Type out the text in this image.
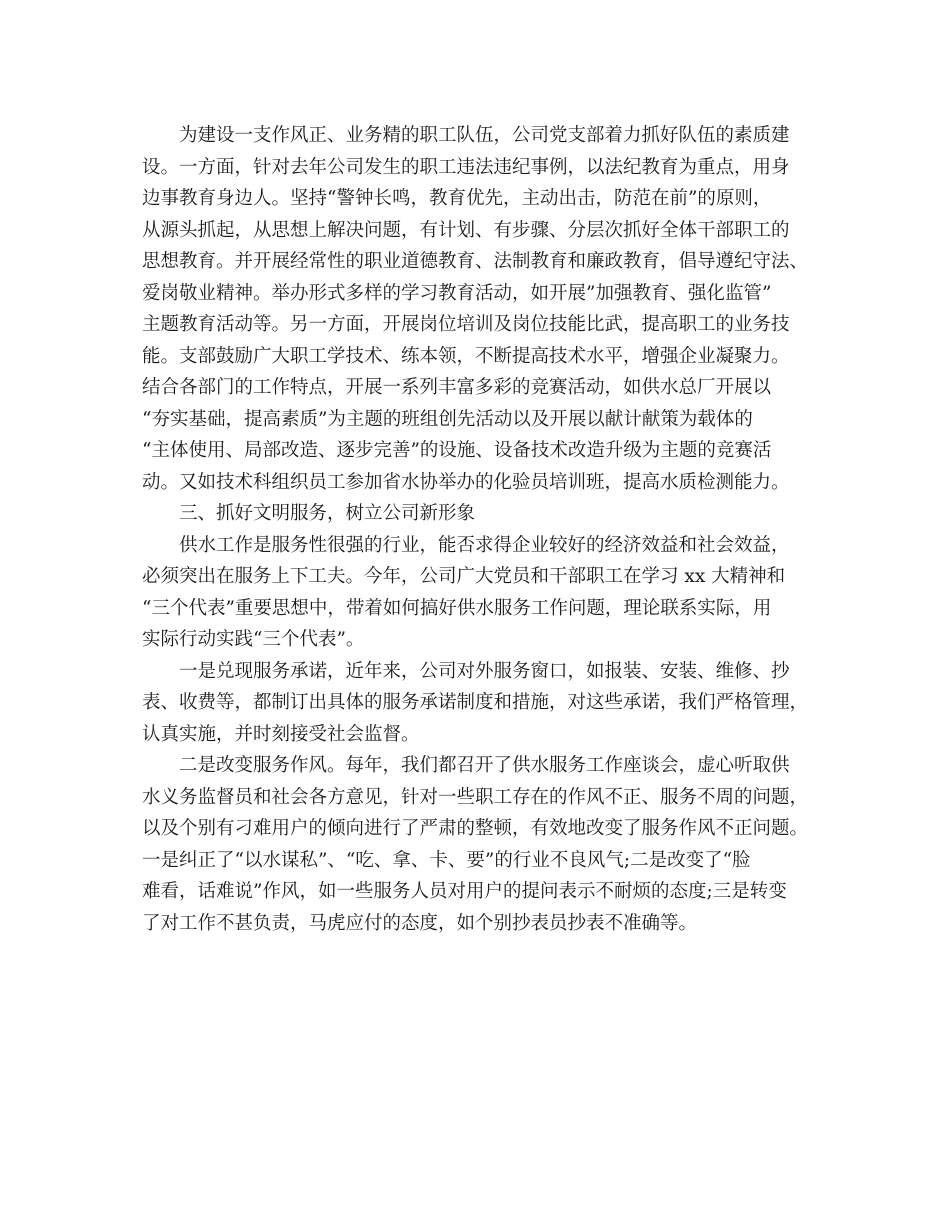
为建设一支作风正、业务精的职工队伍，公司党支部着力抓好队伍的素质建
设。一方面，针对去年公司发生的职工违法违纪事例，以法纪教育为重点，用身
边事教育身边人。坚持“警钟长鸣，教育优先，主动出击，防范在前”的原则，
从源头抓起，从思想上解决问题，有计划、有步骤、分层次抓好全体干部职工的
思想教育。并开展经常性的职业道德教育、法制教育和廉政教育，倡导遵纪守法、
爱岗敬业精神。举办形式多样的学习教育活动，如开展”加强教育、强化监管”
主题教育活动等。另一方面，开展岗位培训及岗位技能比武，提高职工的业务技
能。支部鼓励广大职工学技术、练本领，不断提高技术水平，增强企业凝聚力。
结合各部门的工作特点，开展一系列丰富多彩的竞赛活动，如供水总厂开展以
“夯实基础，提高素质”为主题的班组创先活动以及开展以献计献策为载体的
“主体使用、局部改造、逐步完善”的设施、设备技术改造升级为主题的竞赛活
动。又如技术科组织员工参加省水协举办的化验员培训班，提高水质检测能力。
三、抓好文明服务，树立公司新形象
供水工作是服务性很强的行业，能否求得企业较好的经济效益和社会效益，
必须突出在服务上下工夫。今年，公司广大党员和干部职工在学习 xx 大精神和
“三个代表”重要思想中，带着如何搞好供水服务工作问题，理论联系实际，用
实际行动实践“三个代表”。
一是兑现服务承诺，近年来，公司对外服务窗口，如报装、安装、维修、抄
表、收费等，都制订出具体的服务承诺制度和措施，对这些承诺，我们严格管理，
认真实施，并时刻接受社会监督。
二是改变服务作风。每年，我们都召开了供水服务工作座谈会，虚心听取供
水义务监督员和社会各方意见，针对一些职工存在的作风不正、服务不周的问题，
以及个别有刁难用户的倾向进行了严肃的整顿，有效地改变了服务作风不正问题。
一是纠正了“以水谋私”、“吃、拿、卡、要”的行业不良风气;二是改变了“脸
难看，话难说”作风，如一些服务人员对用户的提问表示不耐烦的态度;三是转变
了对工作不甚负责，马虎应付的态度，如个别抄表员抄表不准确等。
